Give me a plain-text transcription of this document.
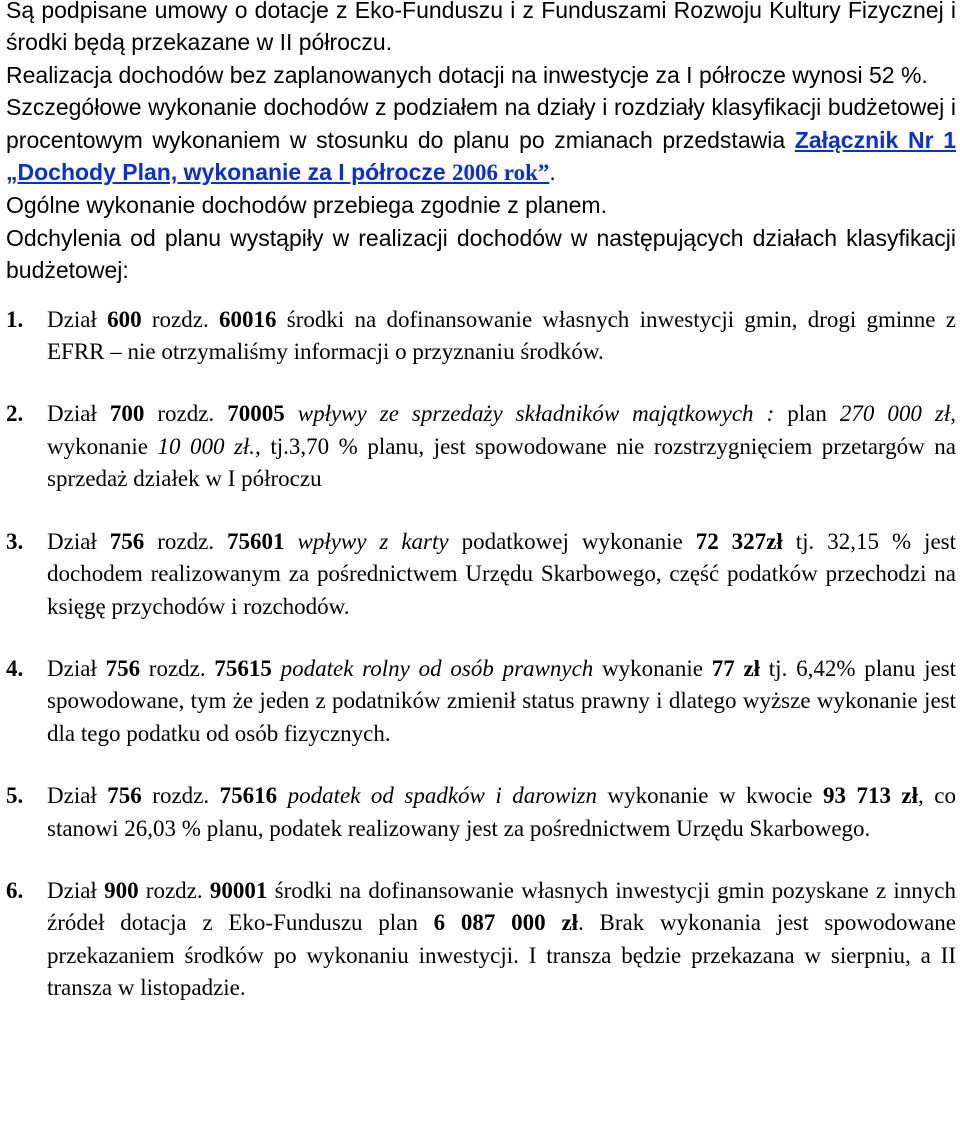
Są podpisane umowy o dotacje z Eko-Funduszu i z Funduszami Rozwoju Kultury Fizycznej i środki będą przekazane w II półroczu.
Realizacja dochodów bez zaplanowanych dotacji na inwestycje za I półrocze wynosi 52 %.

Szczegółowe wykonanie dochodów z podziałem na działy i rozdziały klasyfikacji budżetowej i procentowym wykonaniem w stosunku do planu po zmianach przedstawia Załącznik Nr 1 „Dochody Plan, wykonanie za I półrocze 2006 rok”.

Ogólne wykonanie dochodów przebiega zgodnie z planem.

Odchylenia od planu wystąpiły w realizacji dochodów w następujących działach klasyfikacji budżetowej:

1.	Dział 600 rozdz. 60016 środki na dofinansowanie własnych inwestycji gmin, drogi gminne z EFRR – nie otrzymaliśmy informacji o przyznaniu środków.
2.	Dział 700 rozdz. 70005 wpływy ze sprzedaży składników majątkowych : plan 270 000 zł, wykonanie 10 000 zł., tj.3,70 % planu, jest spowodowane nie rozstrzygnięciem przetargów na sprzedaż działek w I półroczu
3.	Dział 756 rozdz. 75601 wpływy z karty podatkowej wykonanie 72 327zł tj. 32,15 % jest dochodem realizowanym za pośrednictwem Urzędu Skarbowego, część podatków przechodzi na księgę przychodów i rozchodów.
4.	Dział 756 rozdz. 75615 podatek rolny od osób prawnych wykonanie 77 zł tj. 6,42% planu jest spowodowane, tym że jeden z podatników zmienił status prawny i dlatego wyższe wykonanie jest dla tego podatku od osób fizycznych.
5.	Dział 756 rozdz. 75616 podatek od spadków i darowizn wykonanie w kwocie 93 713 zł, co stanowi 26,03 % planu, podatek realizowany jest za pośrednictwem Urzędu Skarbowego.
6.	Dział 900 rozdz. 90001 środki na dofinansowanie własnych inwestycji gmin pozyskane z innych źródeł dotacja z Eko-Funduszu plan 6 087 000 zł. Brak wykonania jest spowodowane przekazaniem środków po wykonaniu inwestycji. I transza będzie przekazana w sierpniu, a II transza w listopadzie.
